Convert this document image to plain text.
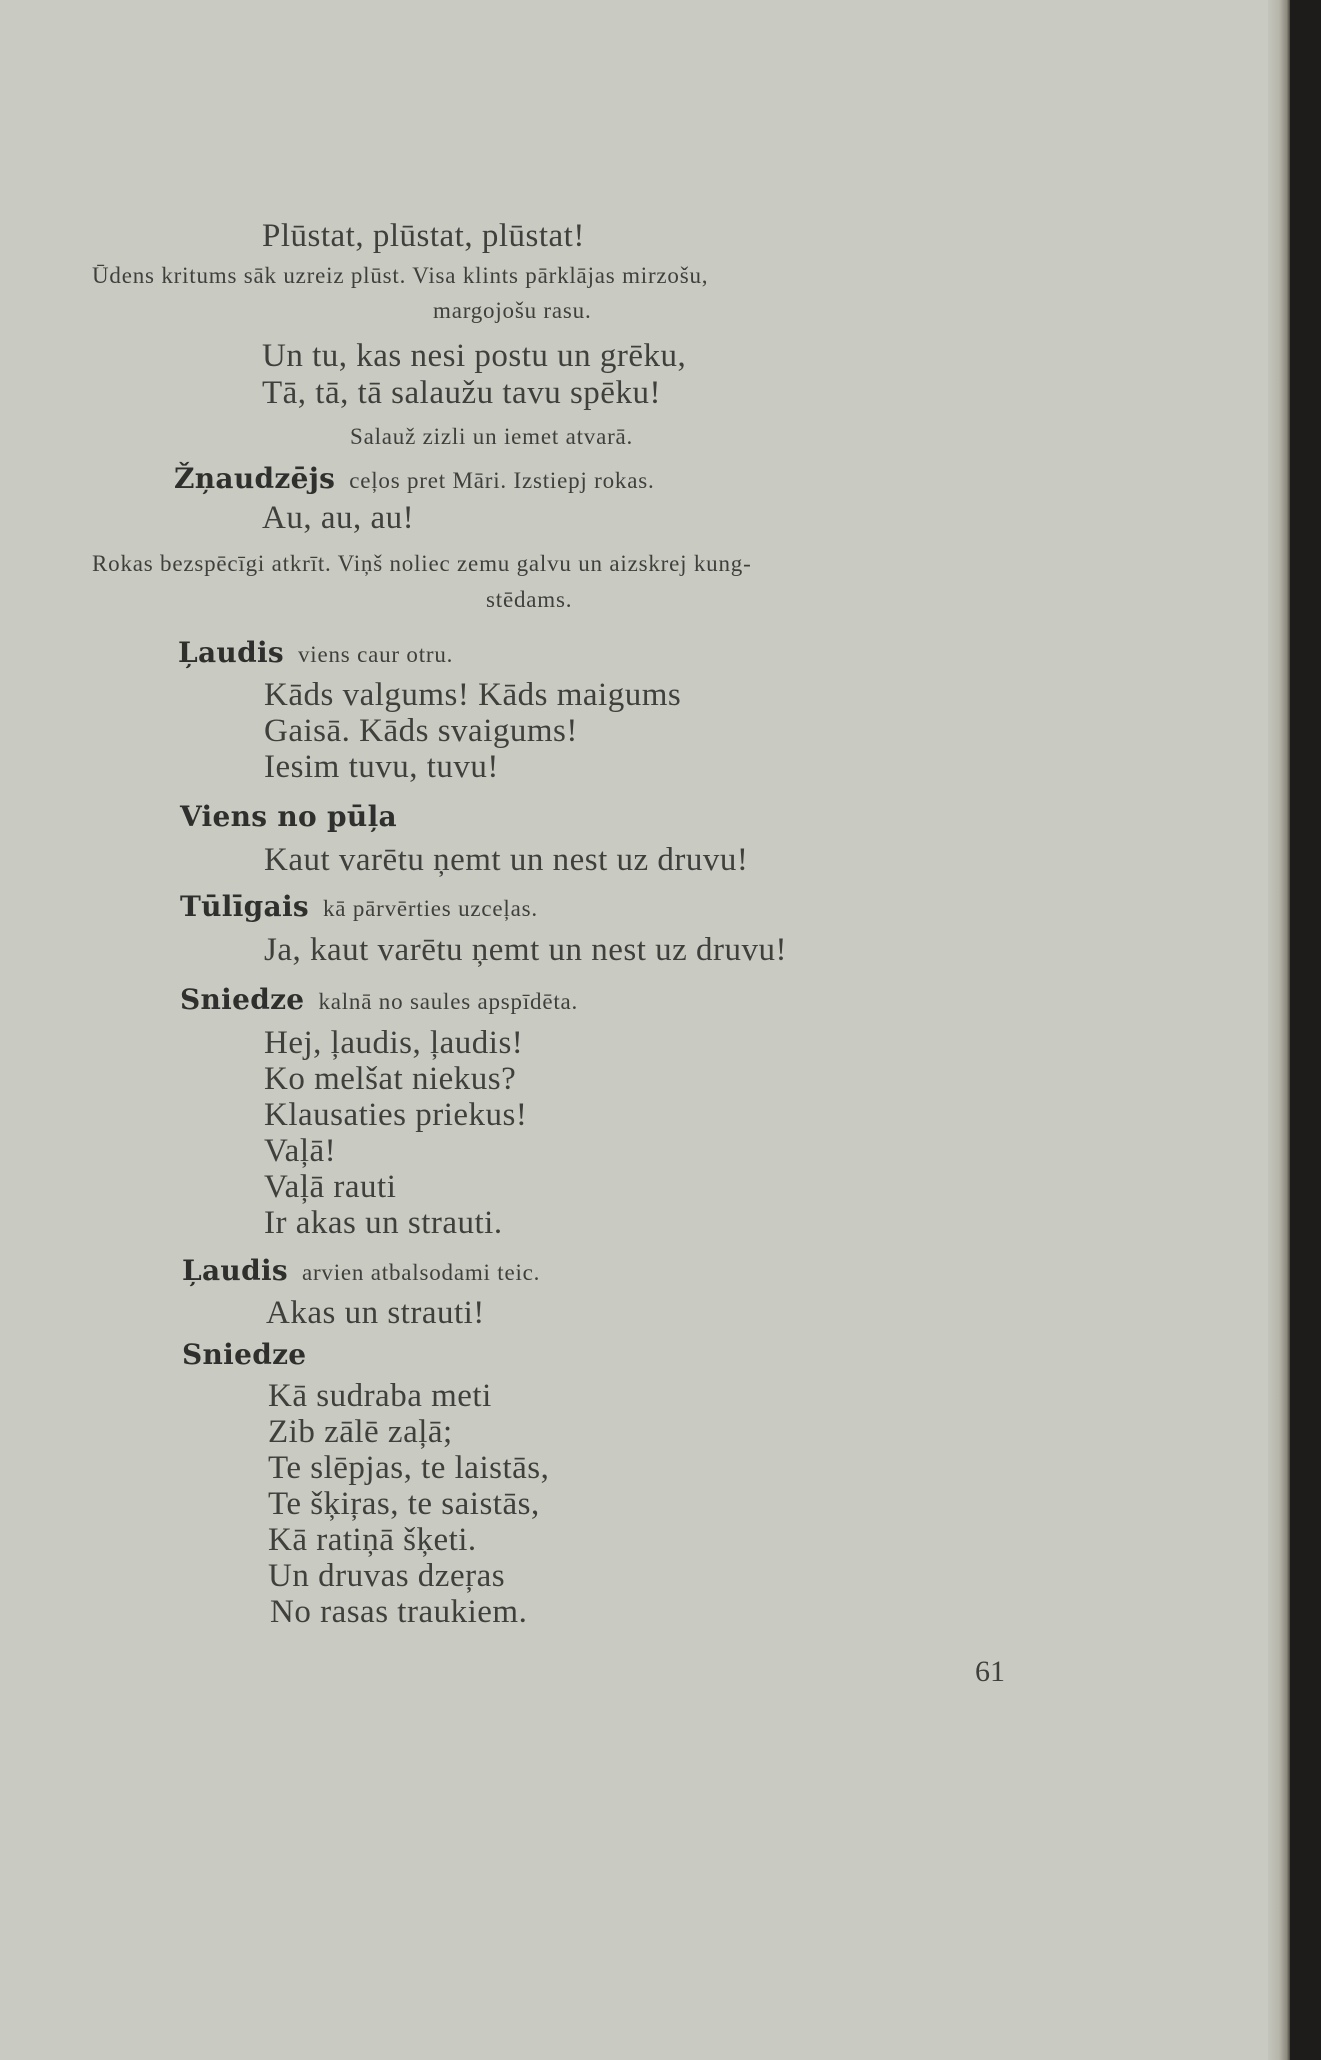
Plūstat, plūstat, plūstat!
Ūdens kritums sāk uzreiz plūst. Visa klints pārklājas mirzošu,
margojošu rasu.
Un tu, kas nesi postu un grēku,
Tā, tā, tā salaužu tavu spēku!
Salauž zizli un iemet atvarā.
Žņaudzējs ceļos pret Māri. Izstiepj rokas.
Au, au, au!
Rokas bezspēcīgi atkrīt. Viņš noliec zemu galvu un aizskrej kung-
stēdams.
Ļaudis viens caur otru.
Kāds valgums! Kāds maigums
Gaisā. Kāds svaigums!
Iesim tuvu, tuvu!
Viens no pūļa
Kaut varētu ņemt un nest uz druvu!
Tūlīgais kā pārvērties uzceļas.
Ja, kaut varētu ņemt un nest uz druvu!
Sniedze kalnā no saules apspīdēta.
Hej, ļaudis, ļaudis!
Ko melšat niekus?
Klausaties priekus!
Vaļā!
Vaļā rauti
Ir akas un strauti.
Ļaudis arvien atbalsodami teic.
Akas un strauti!
Sniedze
Kā sudraba meti
Zib zālē zaļā;
Te slēpjas, te laistās,
Te šķiŗas, te saistās,
Kā ratiņā šķeti.
Un druvas dzeŗas
No rasas traukiem.
61
